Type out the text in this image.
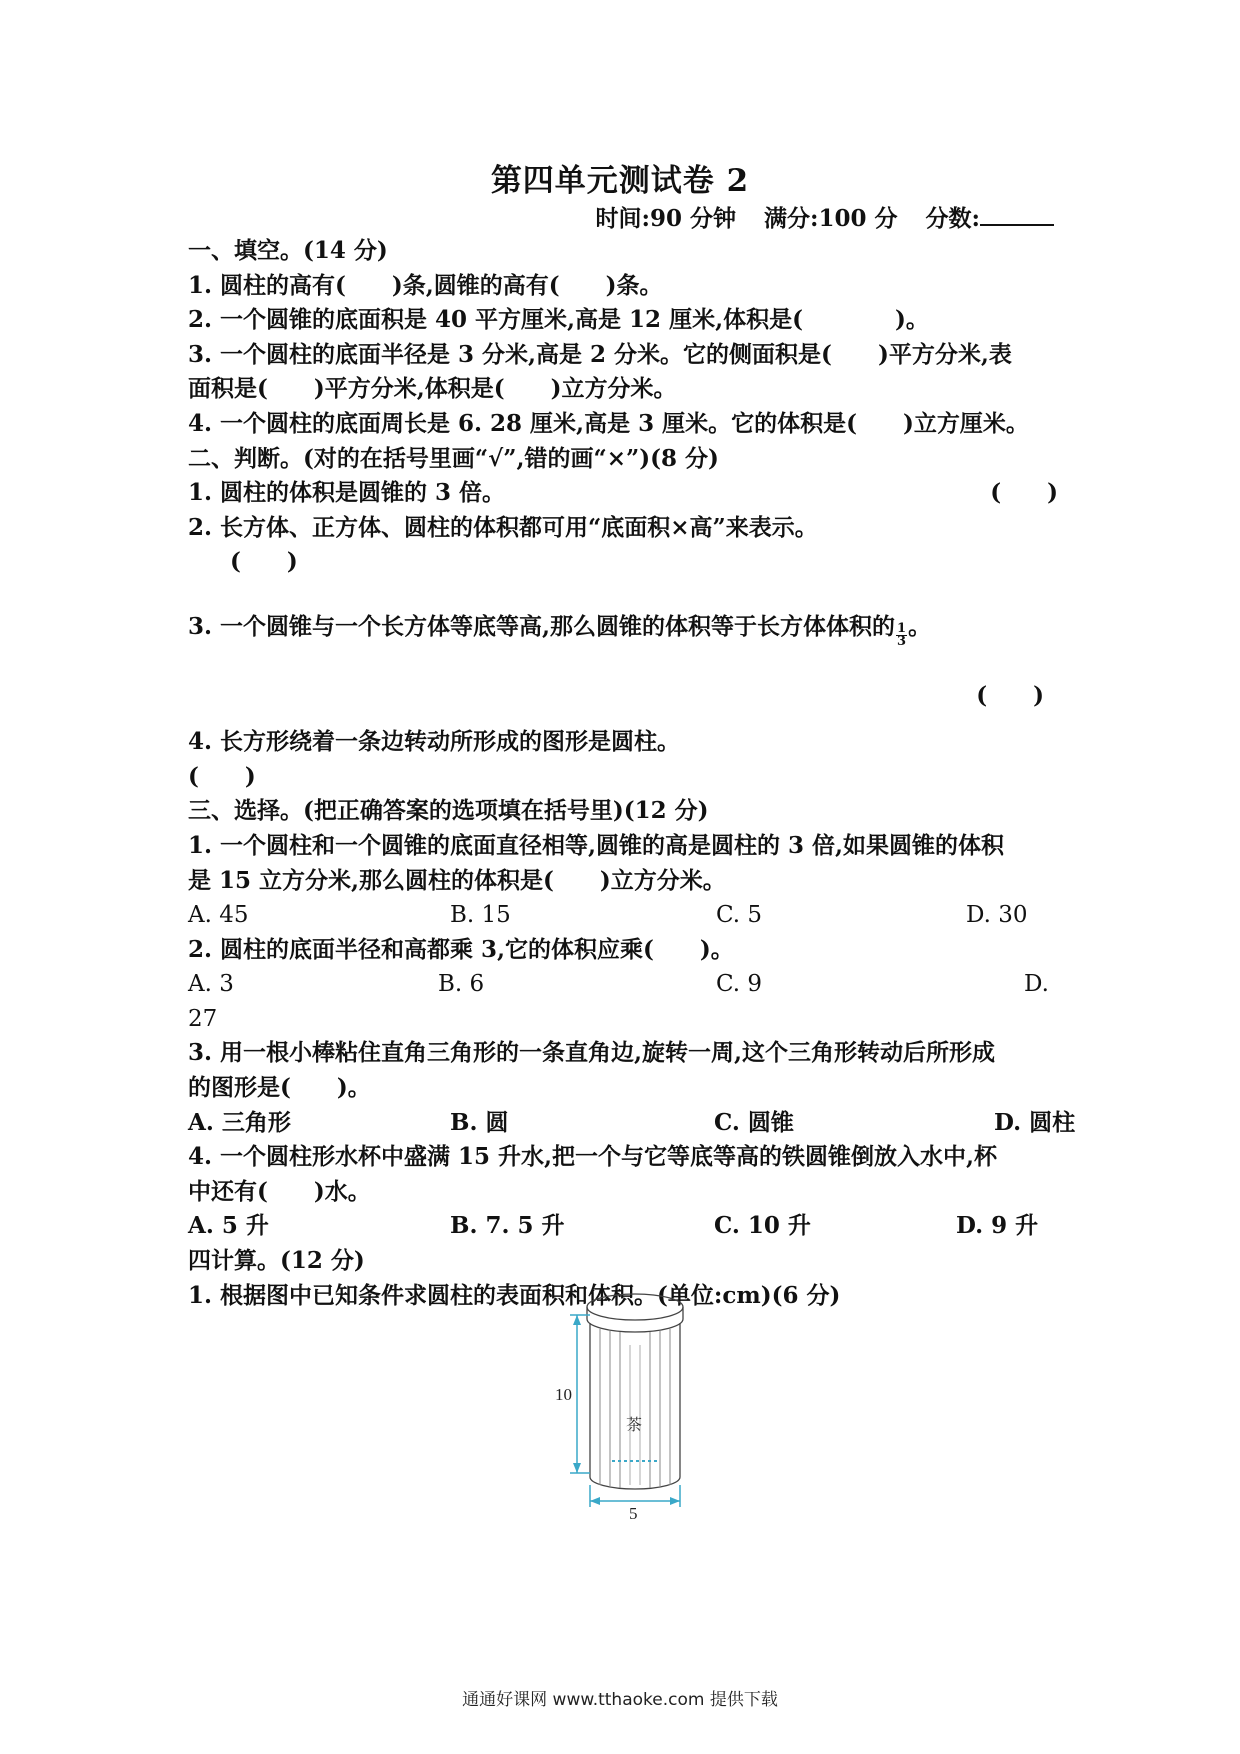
第四单元测试卷 2
时间:90 分钟 满分:100 分 分数:
一、填空。(14 分)
1. 圆柱的高有(　　)条,圆锥的高有(　　)条。
2. 一个圆锥的底面积是 40 平方厘米,高是 12 厘米,体积是(　　　　)。
3. 一个圆柱的底面半径是 3 分米,高是 2 分米。它的侧面积是(　　)平方分米,表
面积是(　　)平方分米,体积是(　　)立方分米。
4. 一个圆柱的底面周长是 6. 28 厘米,高是 3 厘米。它的体积是(　　)立方厘米。
二、判断。(对的在括号里画“√”,错的画“×”)(8 分)
1. 圆柱的体积是圆锥的 3 倍。	(　　)
2. 长方体、正方体、圆柱的体积都可用“底面积×高”来表示。
(　　)
3. 一个圆锥与一个长方体等底等高,那么圆锥的体积等于长方体体积的 $\frac{1}{3}$ 。
(　　)
4. 长方形绕着一条边转动所形成的图形是圆柱。
(　　)
三、选择。(把正确答案的选项填在括号里)(12 分)
1. 一个圆柱和一个圆锥的底面直径相等,圆锥的高是圆柱的 3 倍,如果圆锥的体积
是 15 立方分米,那么圆柱的体积是(　　)立方分米。
A. 45	B. 15	C. 5	D. 30
2. 圆柱的底面半径和高都乘 3,它的体积应乘(　　)。
A. 3	B. 6	C. 9	D.
27
3. 用一根小棒粘住直角三角形的一条直角边,旋转一周,这个三角形转动后所形成
的图形是(　　)。
A. 三角形	B. 圆	C. 圆锥	D. 圆柱
4. 一个圆柱形水杯中盛满 15 升水,把一个与它等底等高的铁圆锥倒放入水中,杯
中还有(　　)水。
A. 5 升	B. 7. 5 升	C. 10 升	D. 9 升
四计算。(12 分)
1. 根据图中已知条件求圆柱的表面积和体积。(单位:cm)(6 分)
10
5
茶
通通好课网 www.tthaoke.com 提供下载
